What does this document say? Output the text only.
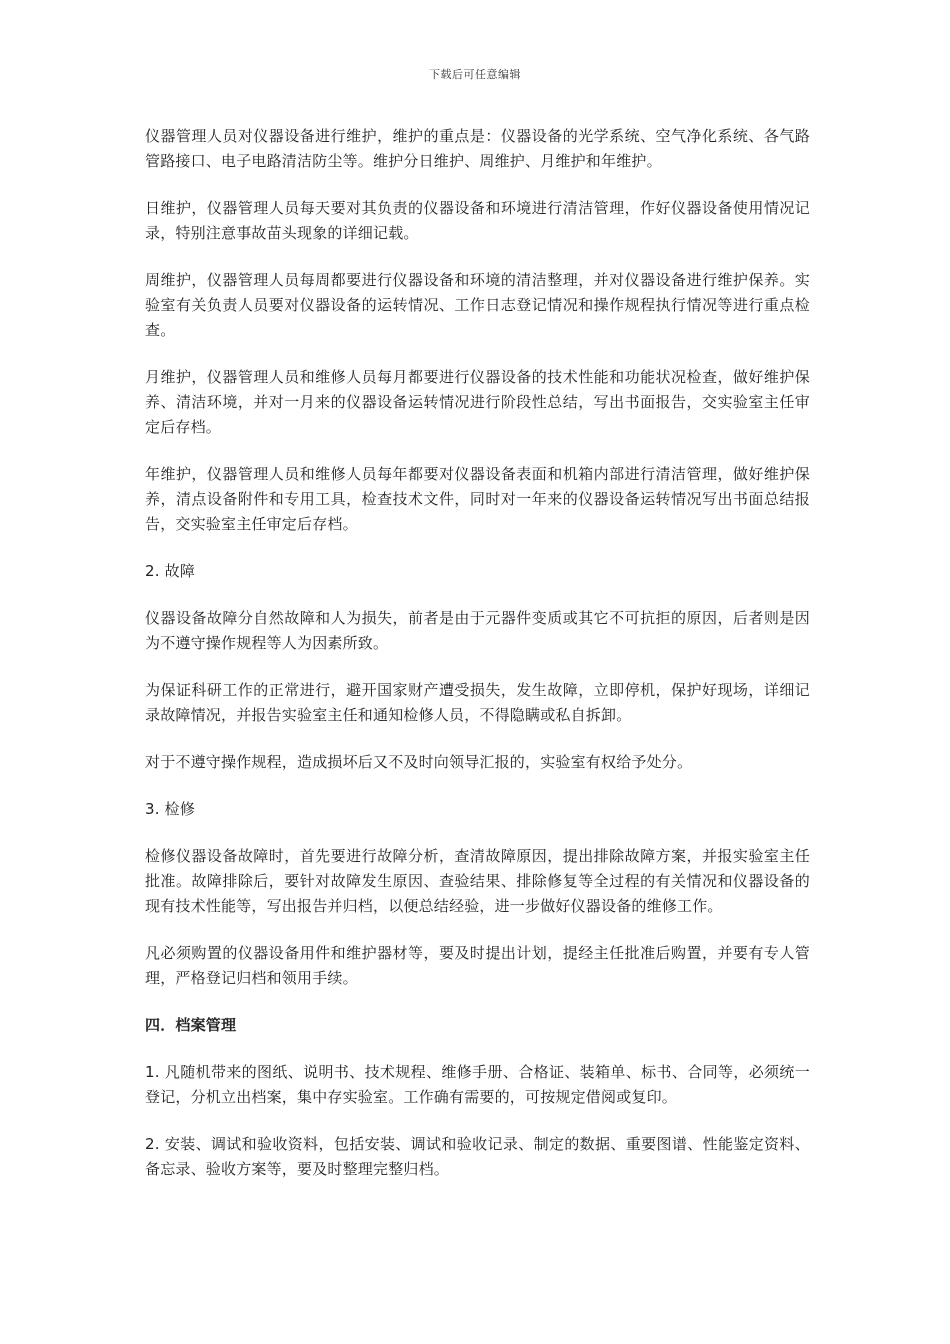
下载后可任意编辑

仪器管理人员对仪器设备进行维护，维护的重点是：仪器设备的光学系统、空气净化系统、各气路管路接口、电子电路清洁防尘等。维护分日维护、周维护、月维护和年维护。

日维护，仪器管理人员每天要对其负责的仪器设备和环境进行清洁管理，作好仪器设备使用情况记录，特别注意事故苗头现象的详细记载。

周维护，仪器管理人员每周都要进行仪器设备和环境的清洁整理，并对仪器设备进行维护保养。实验室有关负责人员要对仪器设备的运转情况、工作日志登记情况和操作规程执行情况等进行重点检查。

月维护，仪器管理人员和维修人员每月都要进行仪器设备的技术性能和功能状况检查，做好维护保养、清洁环境，并对一月来的仪器设备运转情况进行阶段性总结，写出书面报告，交实验室主任审定后存档。

年维护，仪器管理人员和维修人员每年都要对仪器设备表面和机箱内部进行清洁管理，做好维护保养，清点设备附件和专用工具，检查技术文件，同时对一年来的仪器设备运转情况写出书面总结报告，交实验室主任审定后存档。

2. 故障

仪器设备故障分自然故障和人为损失，前者是由于元器件变质或其它不可抗拒的原因，后者则是因为不遵守操作规程等人为因素所致。

为保证科研工作的正常进行，避开国家财产遭受损失，发生故障，立即停机，保护好现场，详细记录故障情况，并报告实验室主任和通知检修人员，不得隐瞒或私自拆卸。

对于不遵守操作规程，造成损坏后又不及时向领导汇报的，实验室有权给予处分。

3. 检修

检修仪器设备故障时，首先要进行故障分析，查清故障原因，提出排除故障方案，并报实验室主任批准。故障排除后，要针对故障发生原因、查验结果、排除修复等全过程的有关情况和仪器设备的现有技术性能等，写出报告并归档，以便总结经验，进一步做好仪器设备的维修工作。

凡必须购置的仪器设备用件和维护器材等，要及时提出计划，提经主任批准后购置，并要有专人管理，严格登记归档和领用手续。

四．档案管理

1. 凡随机带来的图纸、说明书、技术规程、维修手册、合格证、装箱单、标书、合同等，必须统一登记，分机立出档案，集中存实验室。工作确有需要的，可按规定借阅或复印。

2. 安装、调试和验收资料，包括安装、调试和验收记录、制定的数据、重要图谱、性能鉴定资料、备忘录、验收方案等，要及时整理完整归档。
